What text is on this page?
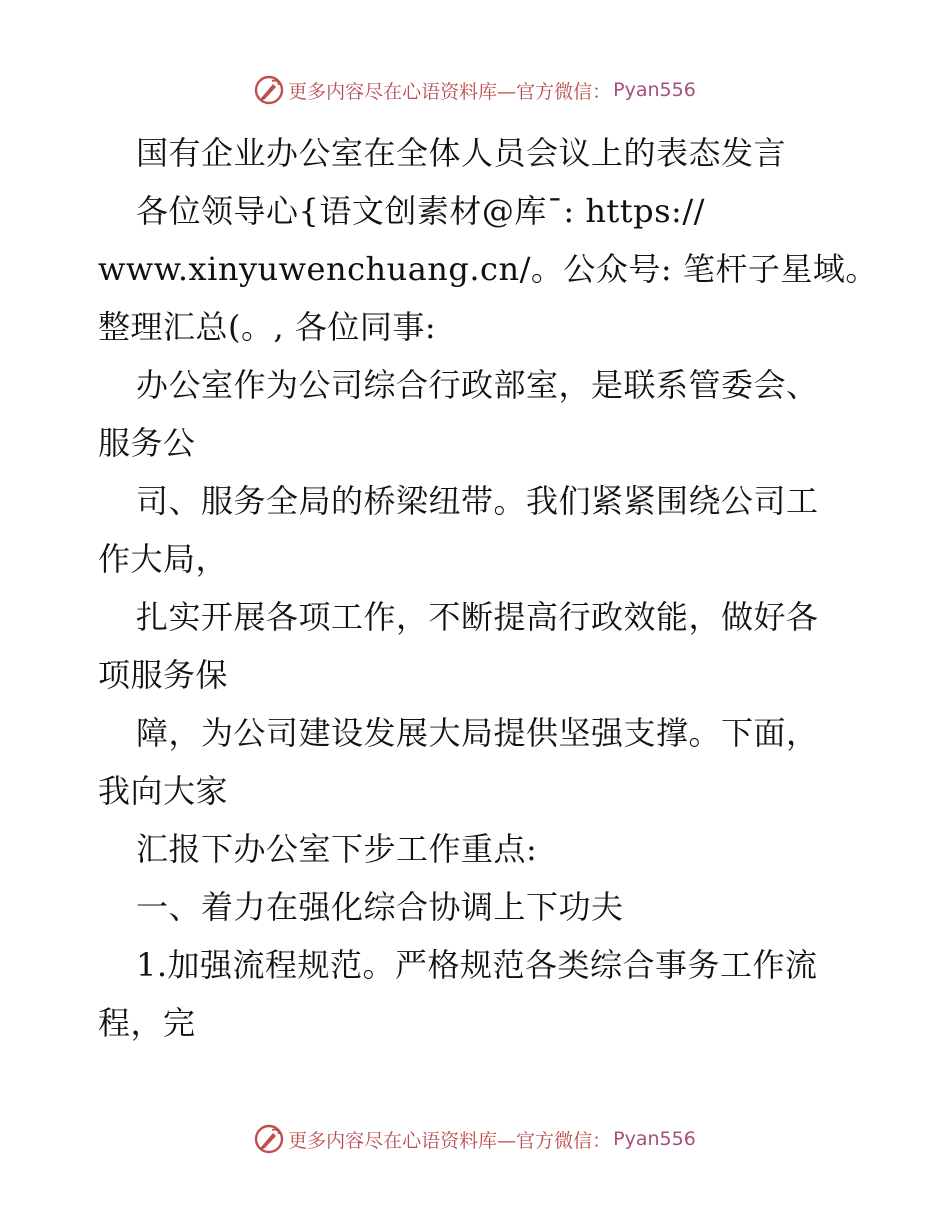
更多内容尽在心语资料库—官方微信： Pyan556
国有企业办公室在全体人员会议上的表态发言
各位领导心{语文创素材@库¯: https://
www.xinyuwenchuang.cn/。公众号: 笔杆子星域。
整理汇总(。, 各位同事:
办公室作为公司综合行政部室，是联系管委会、
服务公
司、服务全局的桥梁纽带。我们紧紧围绕公司工
作大局，
扎实开展各项工作，不断提高行政效能，做好各
项服务保
障，为公司建设发展大局提供坚强支撑。下面，
我向大家
汇报下办公室下步工作重点:
一、着力在强化综合协调上下功夫
1.加强流程规范。严格规范各类综合事务工作流
程，完
更多内容尽在心语资料库—官方微信： Pyan556
